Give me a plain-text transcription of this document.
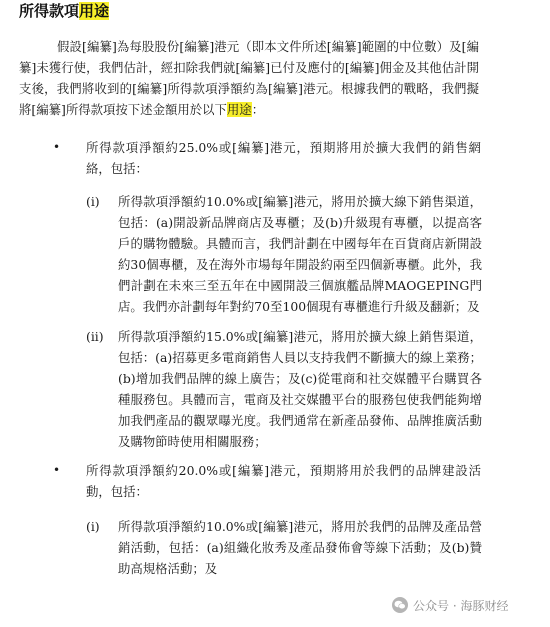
所得款項用途
假設[編纂]為每股股份[編纂]港元（即本文件所述[編纂]範圍的中位數）及[編纂]未獲行使，我們估計，經扣除我們就[編纂]已付及應付的[編纂]佣金及其他估計開支後，我們將收到的[編纂]所得款項淨額約為[編纂]港元。根據我們的戰略，我們擬將[編纂]所得款項按下述金額用於以下用途：
• 所得款項淨額約25.0%或[編纂]港元，預期將用於擴大我們的銷售網絡，包括：
(i) 所得款項淨額約10.0%或[編纂]港元，將用於擴大線下銷售渠道，包括：(a)開設新品牌商店及專櫃；及(b)升級現有專櫃，以提高客戶的購物體驗。具體而言，我們計劃在中國每年在百貨商店新開設約30個專櫃，及在海外市場每年開設約兩至四個新專櫃。此外，我們計劃在未來三至五年在中國開設三個旗艦品牌MAOGEPING門店。我們亦計劃每年對約70至100個現有專櫃進行升級及翻新；及
(ii) 所得款項淨額約15.0%或[編纂]港元，將用於擴大線上銷售渠道，包括：(a)招募更多電商銷售人員以支持我們不斷擴大的線上業務；(b)增加我們品牌的線上廣告；及(c)從電商和社交媒體平台購買各種服務包。具體而言，電商及社交媒體平台的服務包使我們能夠增加我們產品的觀眾曝光度。我們通常在新產品發佈、品牌推廣活動及購物節時使用相關服務；
• 所得款項淨額約20.0%或[編纂]港元，預期將用於我們的品牌建設活動，包括：
(i) 所得款項淨額約10.0%或[編纂]港元，將用於我們的品牌及產品營銷活動，包括：(a)組織化妝秀及產品發佈會等線下活動；及(b)贊助高規格活動；及
公众号 · 海豚财经
